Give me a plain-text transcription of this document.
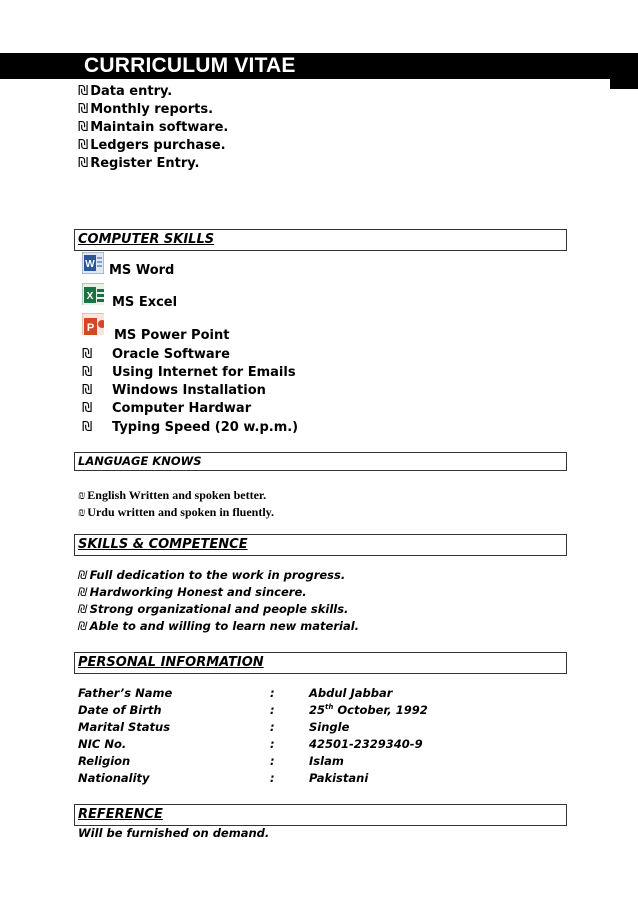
CURRICULUM VITAE
₪ Data entry.
₪ Monthly reports.
₪ Maintain software.
₪ Ledgers purchase.
₪ Register Entry.
COMPUTER SKILLS
W MS Word
X MS Excel
P MS Power Point
₪ Oracle Software
₪ Using Internet for Emails
₪ Windows Installation
₪ Computer Hardwar
₪ Typing Speed (20 w.p.m.)
LANGUAGE KNOWS
₪ English Written and spoken better.
₪ Urdu written and spoken in fluently.
SKILLS & COMPETENCE
₪ Full dedication to the work in progress.
₪ Hardworking Honest and sincere.
₪ Strong organizational and people skills.
₪ Able to and willing to learn new material.
PERSONAL INFORMATION
Father’s Name	:	Abdul Jabbar
Date of Birth	:	25th October, 1992
Marital Status	:	Single
NIC No.	:	42501-2329340-9
Religion	:	Islam
Nationality	:	Pakistani
REFERENCE
Will be furnished on demand.
